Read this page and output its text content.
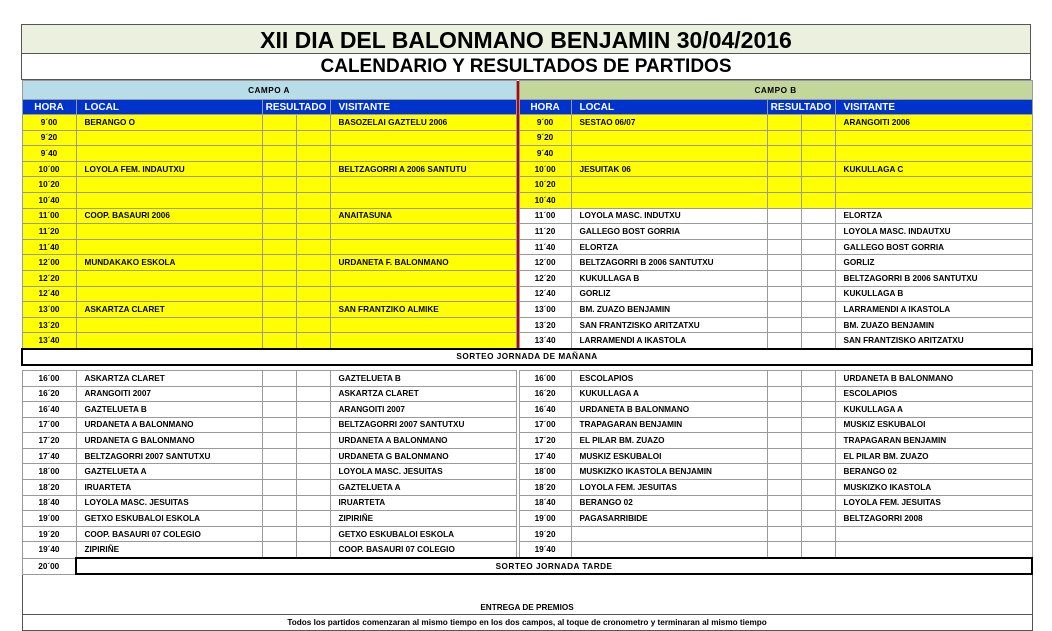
XII DIA DEL BALONMANO BENJAMIN 30/04/2016
CALENDARIO Y RESULTADOS DE PARTIDOS
CAMPO A						CAMPO B				
HORA	LOCAL	RESULTADO		VISITANTE		HORA	LOCAL	RESULTADO		VISITANTE
9´00	BERANGO O			BASOZELAI GAZTELU 2006		9´00	SESTAO 06/07			ARANGOITI 2006
9´20						9´20				
9´40						9´40				
10´00	LOYOLA FEM. INDAUTXU			BELTZAGORRI A 2006 SANTUTU		10´00	JESUITAK 06			KUKULLAGA C
10´20						10´20				
10´40						10´40				
11´00	COOP. BASAURI 2006			ANAITASUNA		11´00	LOYOLA MASC. INDUTXU			ELORTZA
11´20						11´20	GALLEGO BOST GORRIA			LOYOLA MASC. INDAUTXU
11´40						11´40	ELORTZA			GALLEGO BOST GORRIA
12´00	MUNDAKAKO ESKOLA			URDANETA F. BALONMANO		12´00	BELTZAGORRI B 2006 SANTUTXU			GORLIZ
12´20						12´20	KUKULLAGA B			BELTZAGORRI B 2006 SANTUTXU
12´40						12´40	GORLIZ			KUKULLAGA B
13´00	ASKARTZA CLARET			SAN FRANTZIKO ALMIKE		13´00	BM. ZUAZO BENJAMIN			LARRAMENDI A IKASTOLA
13´20						13´20	SAN FRANTZISKO ARITZATXU			BM. ZUAZO BENJAMIN
13´40						13´40	LARRAMENDI A IKASTOLA			SAN FRANTZISKO ARITZATXU
SORTEO JORNADA DE MAÑANA										

16´00	ASKARTZA CLARET			GAZTELUETA B		16´00	ESCOLAPIOS			URDANETA B BALONMANO
16´20	ARANGOITI 2007			ASKARTZA CLARET		16´20	KUKULLAGA A			ESCOLAPIOS
16´40	GAZTELUETA B			ARANGOITI 2007		16´40	URDANETA B BALONMANO			KUKULLAGA A
17´00	URDANETA A BALONMANO			BELTZAGORRI 2007 SANTUTXU		17´00	TRAPAGARAN BENJAMIN			MUSKIZ ESKUBALOI
17´20	URDANETA G BALONMANO			URDANETA A BALONMANO		17´20	EL PILAR BM. ZUAZO			TRAPAGARAN BENJAMIN
17´40	BELTZAGORRI 2007 SANTUTXU			URDANETA G BALONMANO		17´40	MUSKIZ ESKUBALOI			EL PILAR BM. ZUAZO
18´00	GAZTELUETA A			LOYOLA MASC. JESUITAS		18´00	MUSKIZKO IKASTOLA BENJAMIN			BERANGO 02
18´20	IRUARTETA			GAZTELUETA A		18´20	LOYOLA FEM. JESUITAS			MUSKIZKO IKASTOLA
18´40	LOYOLA MASC. JESUITAS			IRUARTETA		18´40	BERANGO 02			LOYOLA FEM. JESUITAS
19´00	GETXO ESKUBALOI ESKOLA			ZIPIRIÑE		19´00	PAGASARRIBIDE			BELTZAGORRI 2008
19´20	COOP. BASAURI 07 COLEGIO			GETXO ESKUBALOI ESKOLA		19´20				
19´40	ZIPIRIÑE			COOP. BASAURI 07 COLEGIO		19´40				
20´00	SORTEO JORNADA TARDE									

ENTREGA DE PREMIOS										
Todos los partidos comenzaran al mismo tiempo en los dos campos, al toque de cronometro y terminaran al mismo tiempo										
